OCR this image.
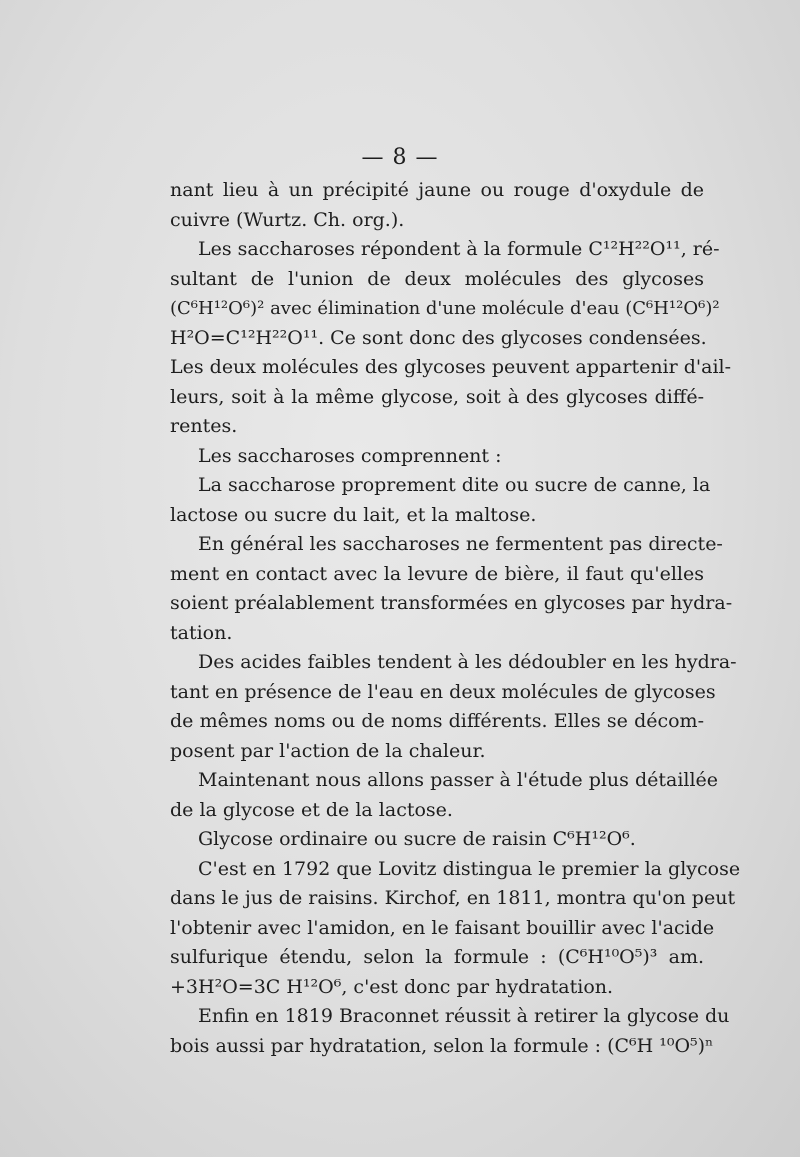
— 8 —
nant lieu à un précipité jaune ou rouge d'oxydule de
cuivre (Wurtz. Ch. org.).
Les saccharoses répondent à la formule C¹²H²²O¹¹, ré-
sultant de l'union de deux molécules des glycoses
(C⁶H¹²O⁶)² avec élimination d'une molécule d'eau (C⁶H¹²O⁶)²
H²O=C¹²H²²O¹¹. Ce sont donc des glycoses condensées.
Les deux molécules des glycoses peuvent appartenir d'ail-
leurs, soit à la même glycose, soit à des glycoses diffé-
rentes.
Les saccharoses comprennent :
La saccharose proprement dite ou sucre de canne, la
lactose ou sucre du lait, et la maltose.
En général les saccharoses ne fermentent pas directe-
ment en contact avec la levure de bière, il faut qu'elles
soient préalablement transformées en glycoses par hydra-
tation.
Des acides faibles tendent à les dédoubler en les hydra-
tant en présence de l'eau en deux molécules de glycoses
de mêmes noms ou de noms différents. Elles se décom-
posent par l'action de la chaleur.
Maintenant nous allons passer à l'étude plus détaillée
de la glycose et de la lactose.
Glycose ordinaire ou sucre de raisin C⁶H¹²O⁶.
C'est en 1792 que Lovitz distingua le premier la glycose
dans le jus de raisins. Kirchof, en 1811, montra qu'on peut
l'obtenir avec l'amidon, en le faisant bouillir avec l'acide
sulfurique étendu, selon la formule : (C⁶H¹⁰O⁵)³ am.
+3H²O=3C H¹²O⁶, c'est donc par hydratation.
Enfin en 1819 Braconnet réussit à retirer la glycose du
bois aussi par hydratation, selon la formule : (C⁶H ¹⁰O⁵)ⁿ
